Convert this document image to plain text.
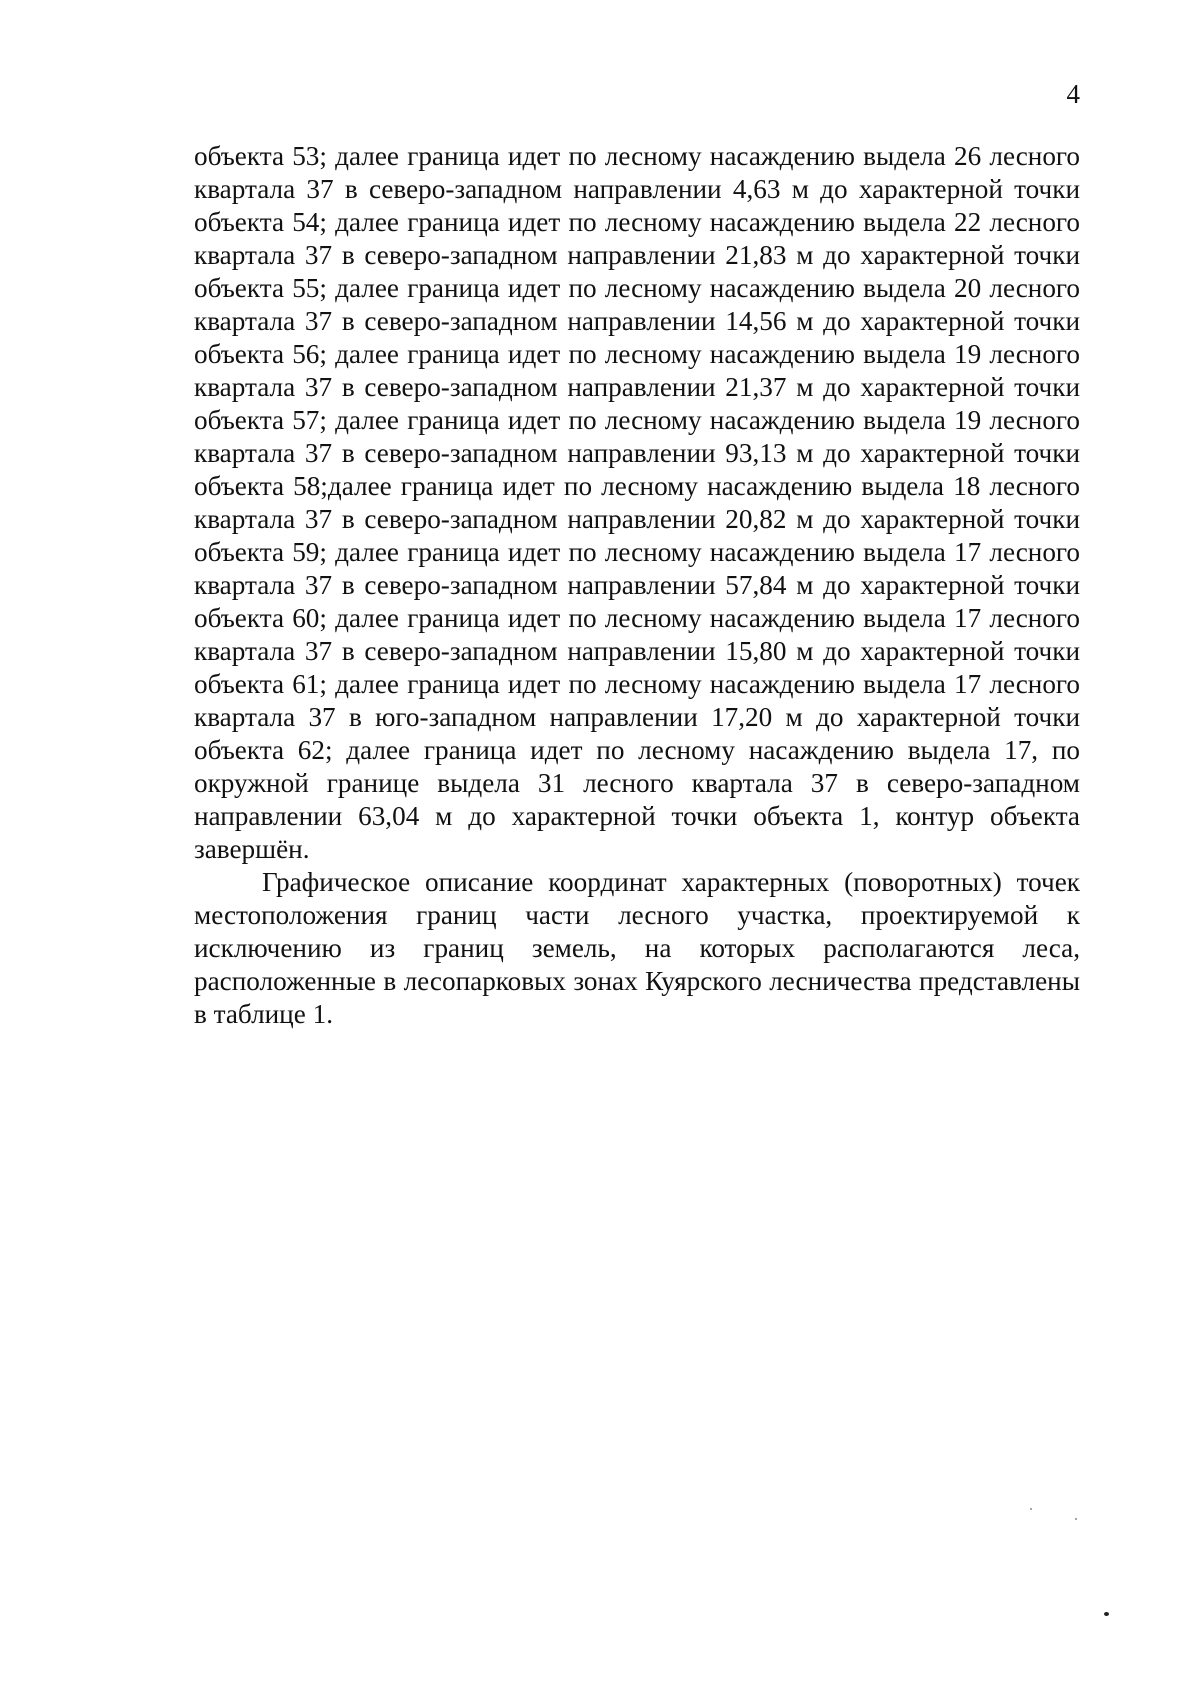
4

объекта 53; далее граница идет по лесному насаждению выдела 26 лесного квартала 37 в северо-западном направлении 4,63 м до характерной точки объекта 54; далее граница идет по лесному насаждению выдела 22 лесного квартала 37 в северо-западном направлении 21,83 м до характерной точки объекта 55; далее граница идет по лесному насаждению выдела 20 лесного квартала 37 в северо-западном направлении 14,56 м до характерной точки объекта 56; далее граница идет по лесному насаждению выдела 19 лесного квартала 37 в северо-западном направлении 21,37 м до характерной точки объекта 57; далее граница идет по лесному насаждению выдела 19 лесного квартала 37 в северо-западном направлении 93,13 м до характерной точки объекта 58;далее граница идет по лесному насаждению выдела 18 лесного квартала 37 в северо-западном направлении 20,82 м до характерной точки объекта 59; далее граница идет по лесному насаждению выдела 17 лесного квартала 37 в северо-западном направлении 57,84 м до характерной точки объекта 60; далее граница идет по лесному насаждению выдела 17 лесного квартала 37 в северо-западном направлении 15,80 м до характерной точки объекта 61; далее граница идет по лесному насаждению выдела 17 лесного квартала 37 в юго-западном направлении 17,20 м до характерной точки объекта 62; далее граница идет по лесному насаждению выдела 17, по окружной границе выдела 31 лесного квартала 37 в северо-западном направлении 63,04 м до характерной точки объекта 1, контур объекта завершён.

Графическое описание координат характерных (поворотных) точек местоположения границ части лесного участка, проектируемой к исключению из границ земель, на которых располагаются леса, расположенные в лесопарковых зонах Куярского лесничества представлены в таблице 1.
